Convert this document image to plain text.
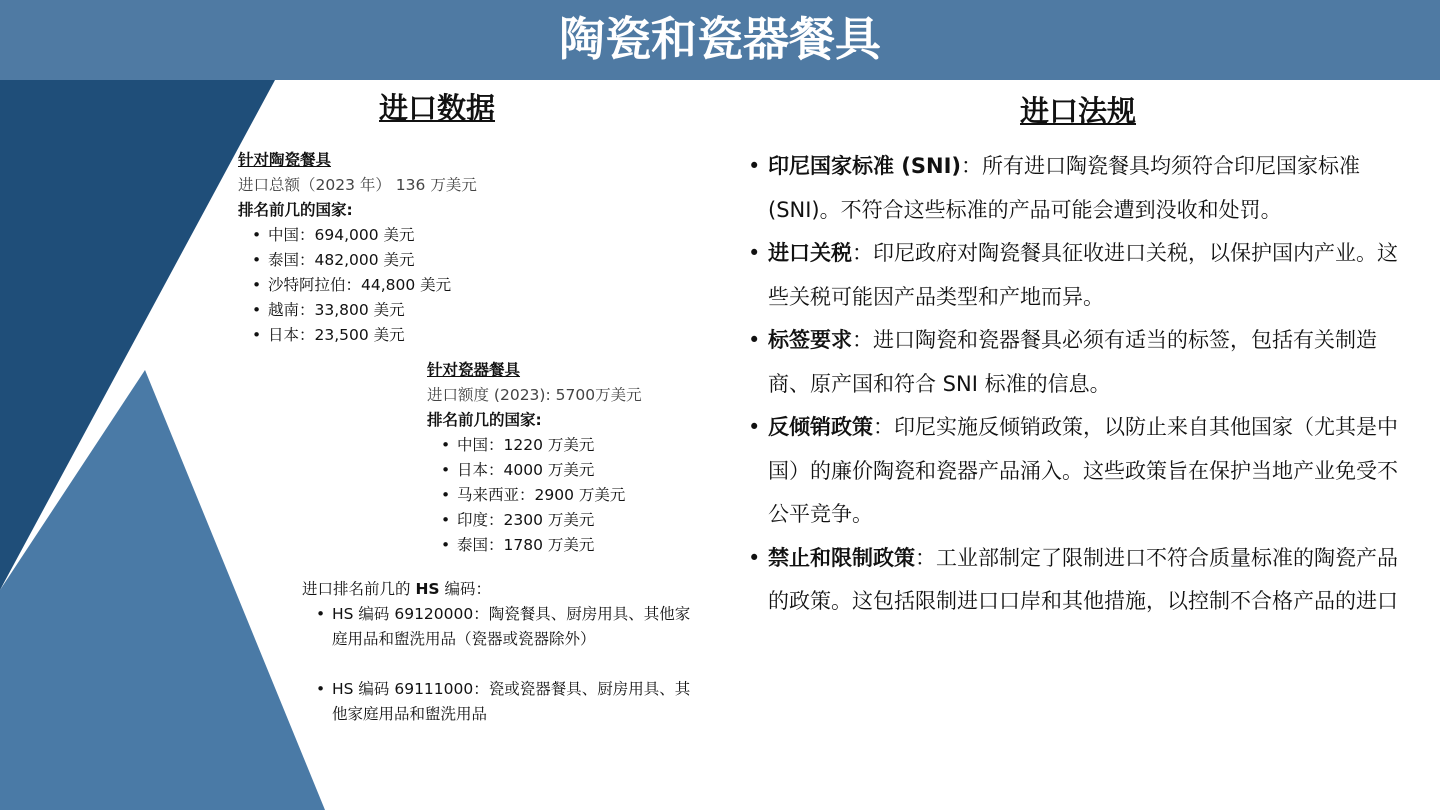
陶瓷和瓷器餐具
进口数据
针对陶瓷餐具
进口总额（2023 年） 136 万美元
排名前几的国家:
• 中国：694,000 美元
• 泰国：482,000 美元
• 沙特阿拉伯：44,800 美元
• 越南：33,800 美元
• 日本：23,500 美元
针对瓷器餐具
进口额度 (2023): 5700万美元
排名前几的国家:
• 中国：1220 万美元
• 日本：4000 万美元
• 马来西亚：2900 万美元
• 印度：2300 万美元
• 泰国：1780 万美元
进口排名前几的 HS 编码：
• HS 编码 69120000：陶瓷餐具、厨房用具、其他家庭用品和盥洗用品（瓷器或瓷器除外）
• HS 编码 69111000：瓷或瓷器餐具、厨房用具、其他家庭用品和盥洗用品
进口法规
• 印尼国家标准 (SNI)：所有进口陶瓷餐具均须符合印尼国家标准 (SNI)。不符合这些标准的产品可能会遭到没收和处罚。
• 进口关税：印尼政府对陶瓷餐具征收进口关税，以保护国内产业。这些关税可能因产品类型和产地而异。
• 标签要求：进口陶瓷和瓷器餐具必须有适当的标签，包括有关制造商、原产国和符合 SNI 标准的信息。
• 反倾销政策：印尼实施反倾销政策，以防止来自其他国家（尤其是中国）的廉价陶瓷和瓷器产品涌入。这些政策旨在保护当地产业免受不公平竞争。
• 禁止和限制政策：工业部制定了限制进口不符合质量标准的陶瓷产品的政策。这包括限制进口口岸和其他措施，以控制不合格产品的进口
